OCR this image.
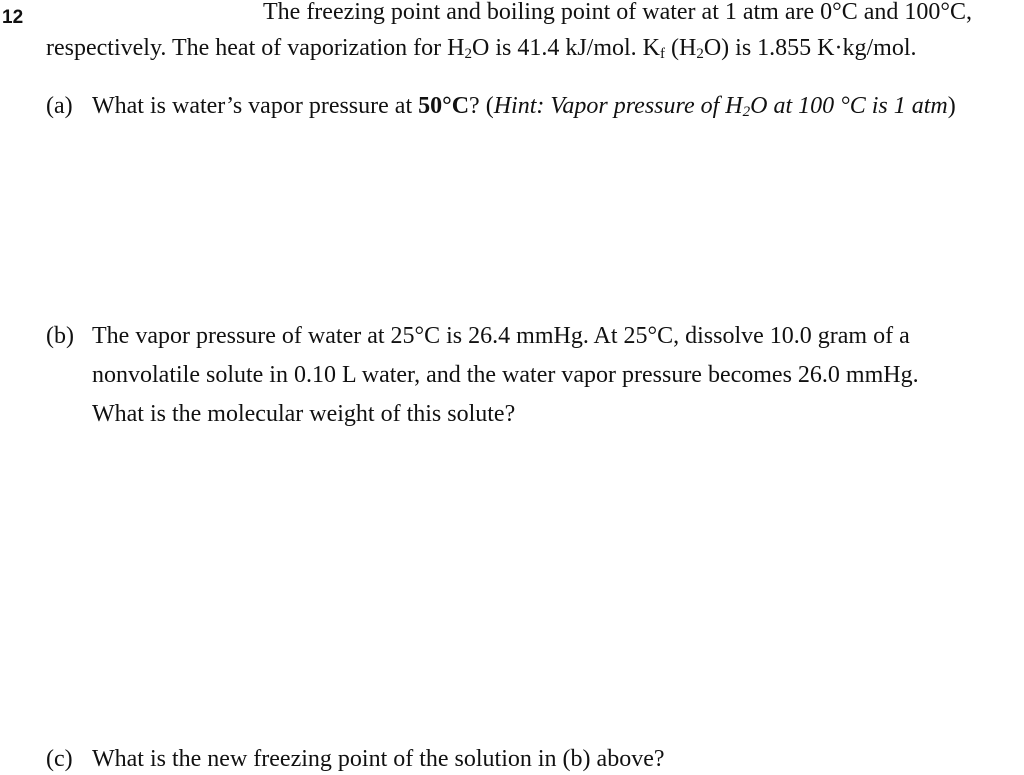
12	The freezing point and boiling point of water at 1 atm are 0°C and 100°C,
respectively. The heat of vaporization for $H_2O$ is 41.4 kJ/mol. $K_f$ $(H_2O)$ is 1.855 K·kg/mol.
(a) What is water’s vapor pressure at 50°C? (Hint: Vapor pressure of $H_2O$ at 100 °C is 1 atm)
(b) The vapor pressure of water at 25°C is 26.4 mmHg. At 25°C, dissolve 10.0 gram of a
nonvolatile solute in 0.10 L water, and the water vapor pressure becomes 26.0 mmHg.
What is the molecular weight of this solute?
(c) What is the new freezing point of the solution in (b) above?
